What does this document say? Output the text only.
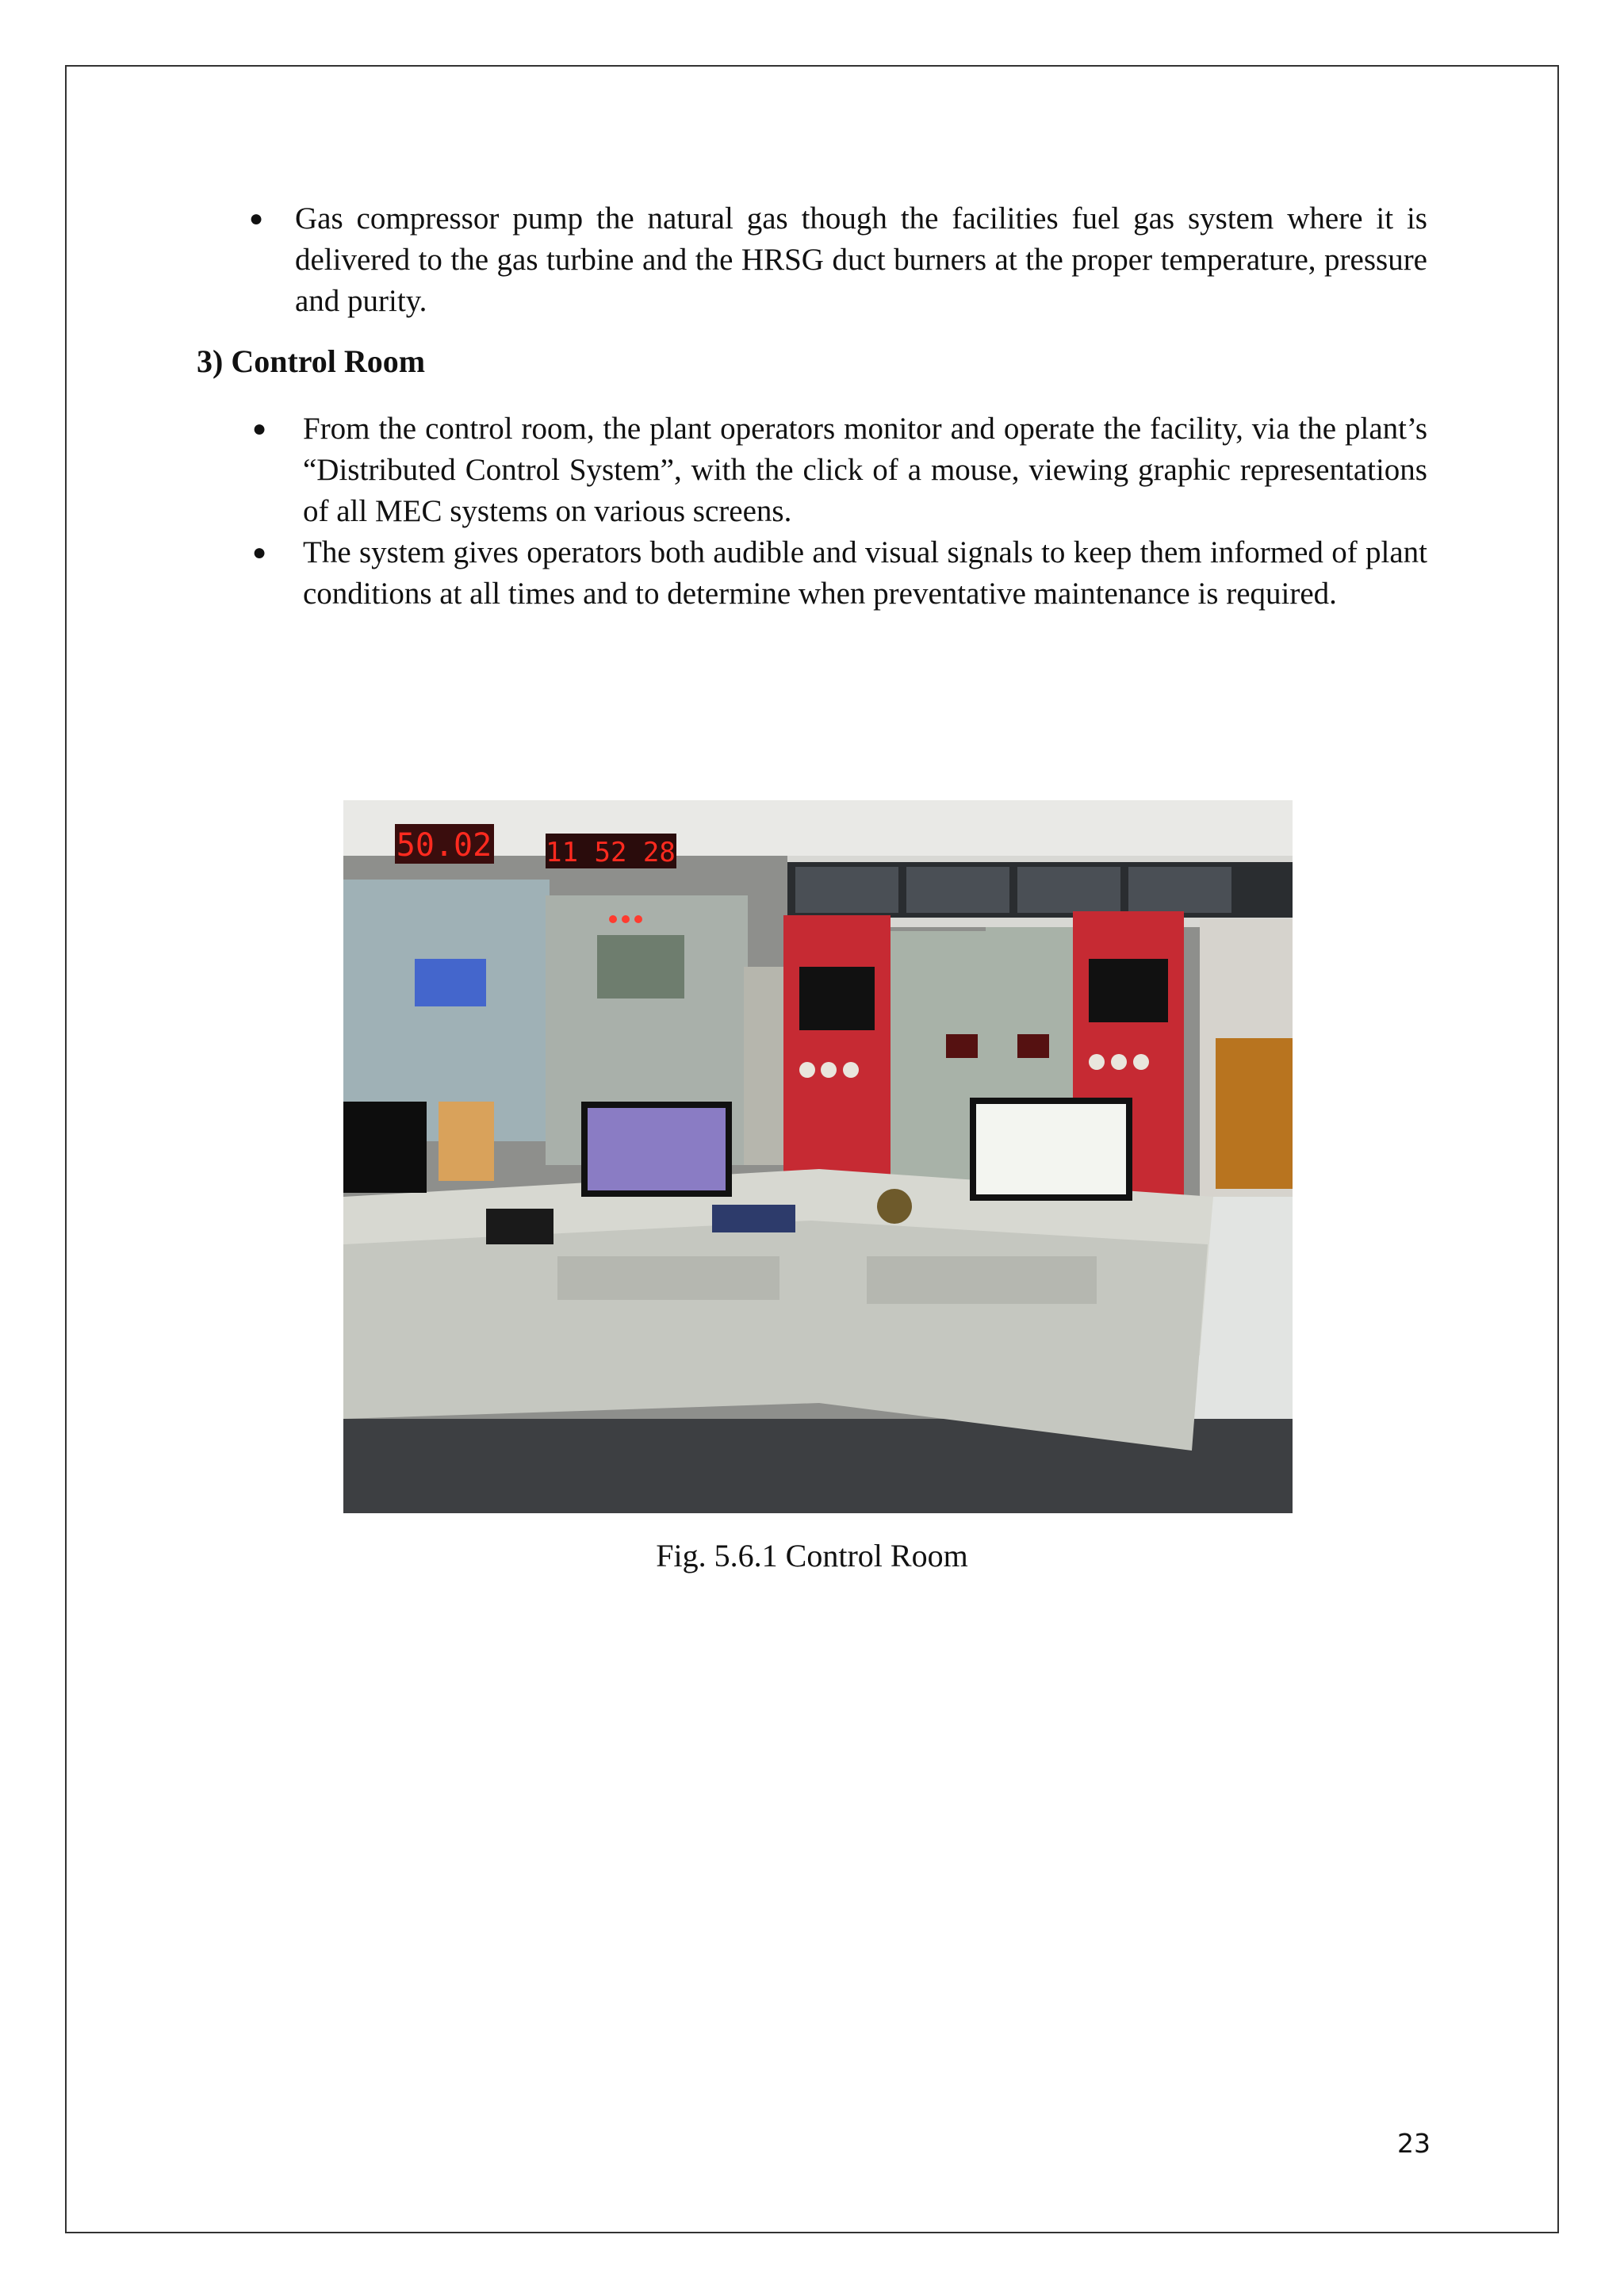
● Gas compressor pump the natural gas though the facilities fuel gas system where it is delivered to the gas turbine and the HRSG duct burners at the proper temperature, pressure and purity.
3) Control Room
● From the control room, the plant operators monitor and operate the facility, via the plant’s “Distributed Control System”, with the click of a mouse, viewing graphic representations of all MEC systems on various screens.
● The system gives operators both audible and visual signals to keep them informed of plant conditions at all times and to determine when preventative maintenance is required.
50.02 11 52 28
Fig. 5.6.1 Control Room
23
